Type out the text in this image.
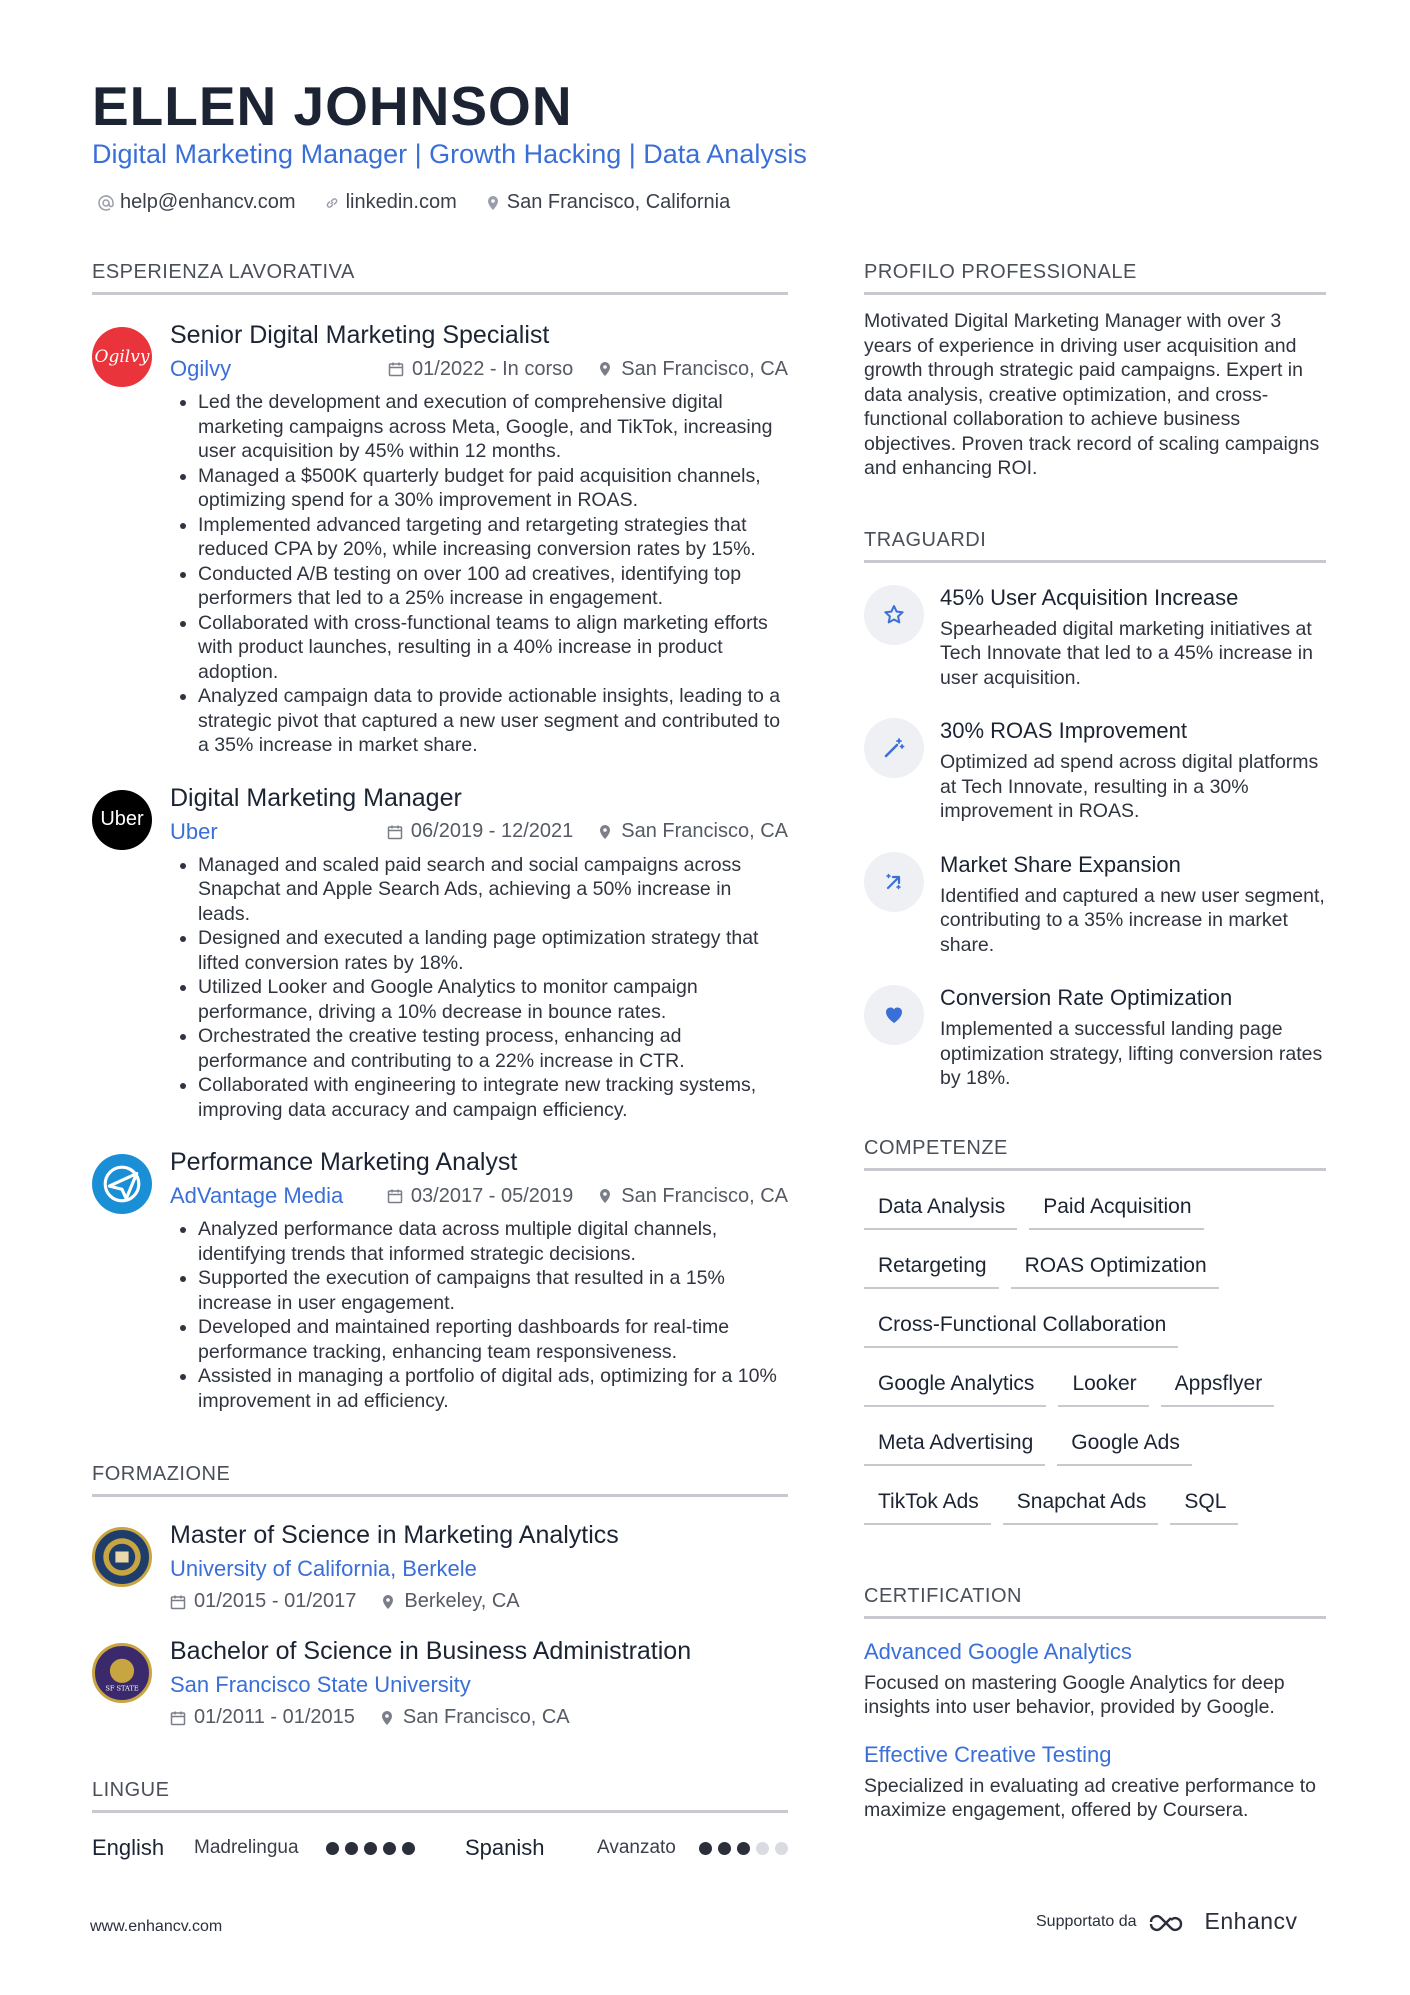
ELLEN JOHNSON
Digital Marketing Manager | Growth Hacking | Data Analysis
help@enhancv.com	linkedin.com	San Francisco, California
ESPERIENZA LAVORATIVA
Ogilvy
Senior Digital Marketing Specialist
Ogilvy	01/2022 - In corso San Francisco, CA
Led the development and execution of comprehensive digital marketing campaigns across Meta, Google, and TikTok, increasing user acquisition by 45% within 12 months.
Managed a $500K quarterly budget for paid acquisition channels, optimizing spend for a 30% improvement in ROAS.
Implemented advanced targeting and retargeting strategies that reduced CPA by 20%, while increasing conversion rates by 15%.
Conducted A/B testing on over 100 ad creatives, identifying top performers that led to a 25% increase in engagement.
Collaborated with cross-functional teams to align marketing efforts with product launches, resulting in a 40% increase in product adoption.
Analyzed campaign data to provide actionable insights, leading to a strategic pivot that captured a new user segment and contributed to a 35% increase in market share.
Uber
Digital Marketing Manager
Uber	06/2019 - 12/2021 San Francisco, CA
Managed and scaled paid search and social campaigns across Snapchat and Apple Search Ads, achieving a 50% increase in leads.
Designed and executed a landing page optimization strategy that lifted conversion rates by 18%.
Utilized Looker and Google Analytics to monitor campaign performance, driving a 10% decrease in bounce rates.
Orchestrated the creative testing process, enhancing ad performance and contributing to a 22% increase in CTR.
Collaborated with engineering to integrate new tracking systems, improving data accuracy and campaign efficiency.
Performance Marketing Analyst
AdVantage Media	03/2017 - 05/2019 San Francisco, CA
Analyzed performance data across multiple digital channels, identifying trends that informed strategic decisions.
Supported the execution of campaigns that resulted in a 15% increase in user engagement.
Developed and maintained reporting dashboards for real-time performance tracking, enhancing team responsiveness.
Assisted in managing a portfolio of digital ads, optimizing for a 10% improvement in ad efficiency.
FORMAZIONE
Master of Science in Marketing Analytics
University of California, Berkele
01/2015 - 01/2017 Berkeley, CA
SF STATE
Bachelor of Science in Business Administration
San Francisco State University
01/2011 - 01/2015 San Francisco, CA
LINGUE
English	Madrelingua	Spanish	Avanzato
PROFILO PROFESSIONALE
Motivated Digital Marketing Manager with over 3 years of experience in driving user acquisition and growth through strategic paid campaigns. Expert in data analysis, creative optimization, and cross-functional collaboration to achieve business objectives. Proven track record of scaling campaigns and enhancing ROI.
TRAGUARDI
45% User Acquisition Increase
Spearheaded digital marketing initiatives at Tech Innovate that led to a 45% increase in user acquisition.
30% ROAS Improvement
Optimized ad spend across digital platforms at Tech Innovate, resulting in a 30% improvement in ROAS.
Market Share Expansion
Identified and captured a new user segment, contributing to a 35% increase in market share.
Conversion Rate Optimization
Implemented a successful landing page optimization strategy, lifting conversion rates by 18%.
COMPETENZE
Data Analysis	Paid Acquisition
Retargeting	ROAS Optimization
Cross-Functional Collaboration
Google Analytics	Looker	Appsflyer
Meta Advertising	Google Ads
TikTok Ads	Snapchat Ads	SQL
CERTIFICATION
Advanced Google Analytics
Focused on mastering Google Analytics for deep insights into user behavior, provided by Google.
Effective Creative Testing
Specialized in evaluating ad creative performance to maximize engagement, offered by Coursera.
www.enhancv.com	Supportato da	Enhancv
